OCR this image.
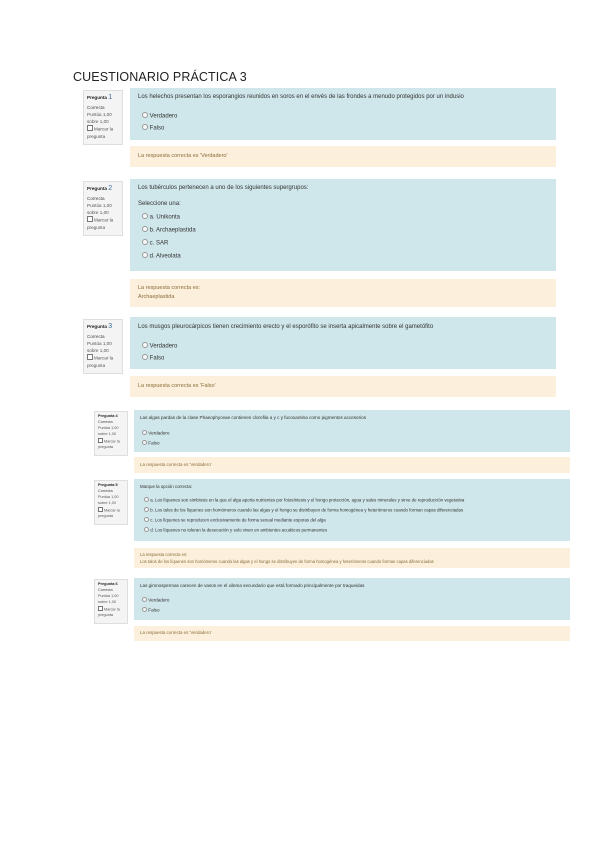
CUESTIONARIO PRÁCTICA 3
Pregunta 1
Correcta
Puntúa 1,00
sobre 1,00
Marcar la
pregunta
Los helechos presentan los esporangios reunidos en soros en el envés de las frondes a menudo protegidos por un indusio
Verdadero
Falso
La respuesta correcta es 'Verdadero'
Pregunta 2
Correcta
Puntúa 1,00
sobre 1,00
Marcar la
pregunta
Los tubérculos pertenecen a uno de los siguientes supergrupos:
Seleccione una:
a. Unikonta
b. Archaeplastida
c. SAR
d. Alveolata
La respuesta correcta es:
Archaeplastida
Pregunta 3
Correcta
Puntúa 1,00
sobre 1,00
Marcar la
pregunta
Los musgos pleurocárpicos tienen crecimiento erecto y el esporófito se inserta apicalmente sobre el gametófito
Verdadero
Falso
La respuesta correcta es 'Falso'
Pregunta 4
Correcta
Puntúa 1,00
sobre 1,00
Marcar la
pregunta
Las algas pardas de la clase Phaeophyceae contienen clorofila a y c y fucoxantina como pigmentos accesorios
Verdadero
Falso
La respuesta correcta es 'Verdadero'
Pregunta 5
Correcta
Puntúa 1,00
sobre 1,00
Marcar la
pregunta
Marque la opción correcta:
a. Los líquenes son simbiosis en la que el alga aporta nutrientes por fotosíntesis y el hongo protección, agua y sales minerales y sirve de reproducción vegetativa
b. Los talos de los líquenes son homómeros cuando las algas y el hongo se distribuyen de forma homogénea y heterómeros cuando forman capas diferenciadas
c. Los líquenes se reproducen exclusivamente de forma sexual mediante esporas del alga
d. Los líquenes no toleran la desecación y solo viven en ambientes acuáticos permanentes
La respuesta correcta es:
Los talos de los líquenes son homómeros cuando las algas y el hongo se distribuyen de forma homogénea y heterómeros cuando forman capas diferenciadas
Pregunta 6
Correcta
Puntúa 1,00
sobre 1,00
Marcar la
pregunta
Las gimnospermas carecen de vasos en el xilema secundario que está formado principalmente por traqueidas
Verdadero
Falso
La respuesta correcta es 'Verdadero'
